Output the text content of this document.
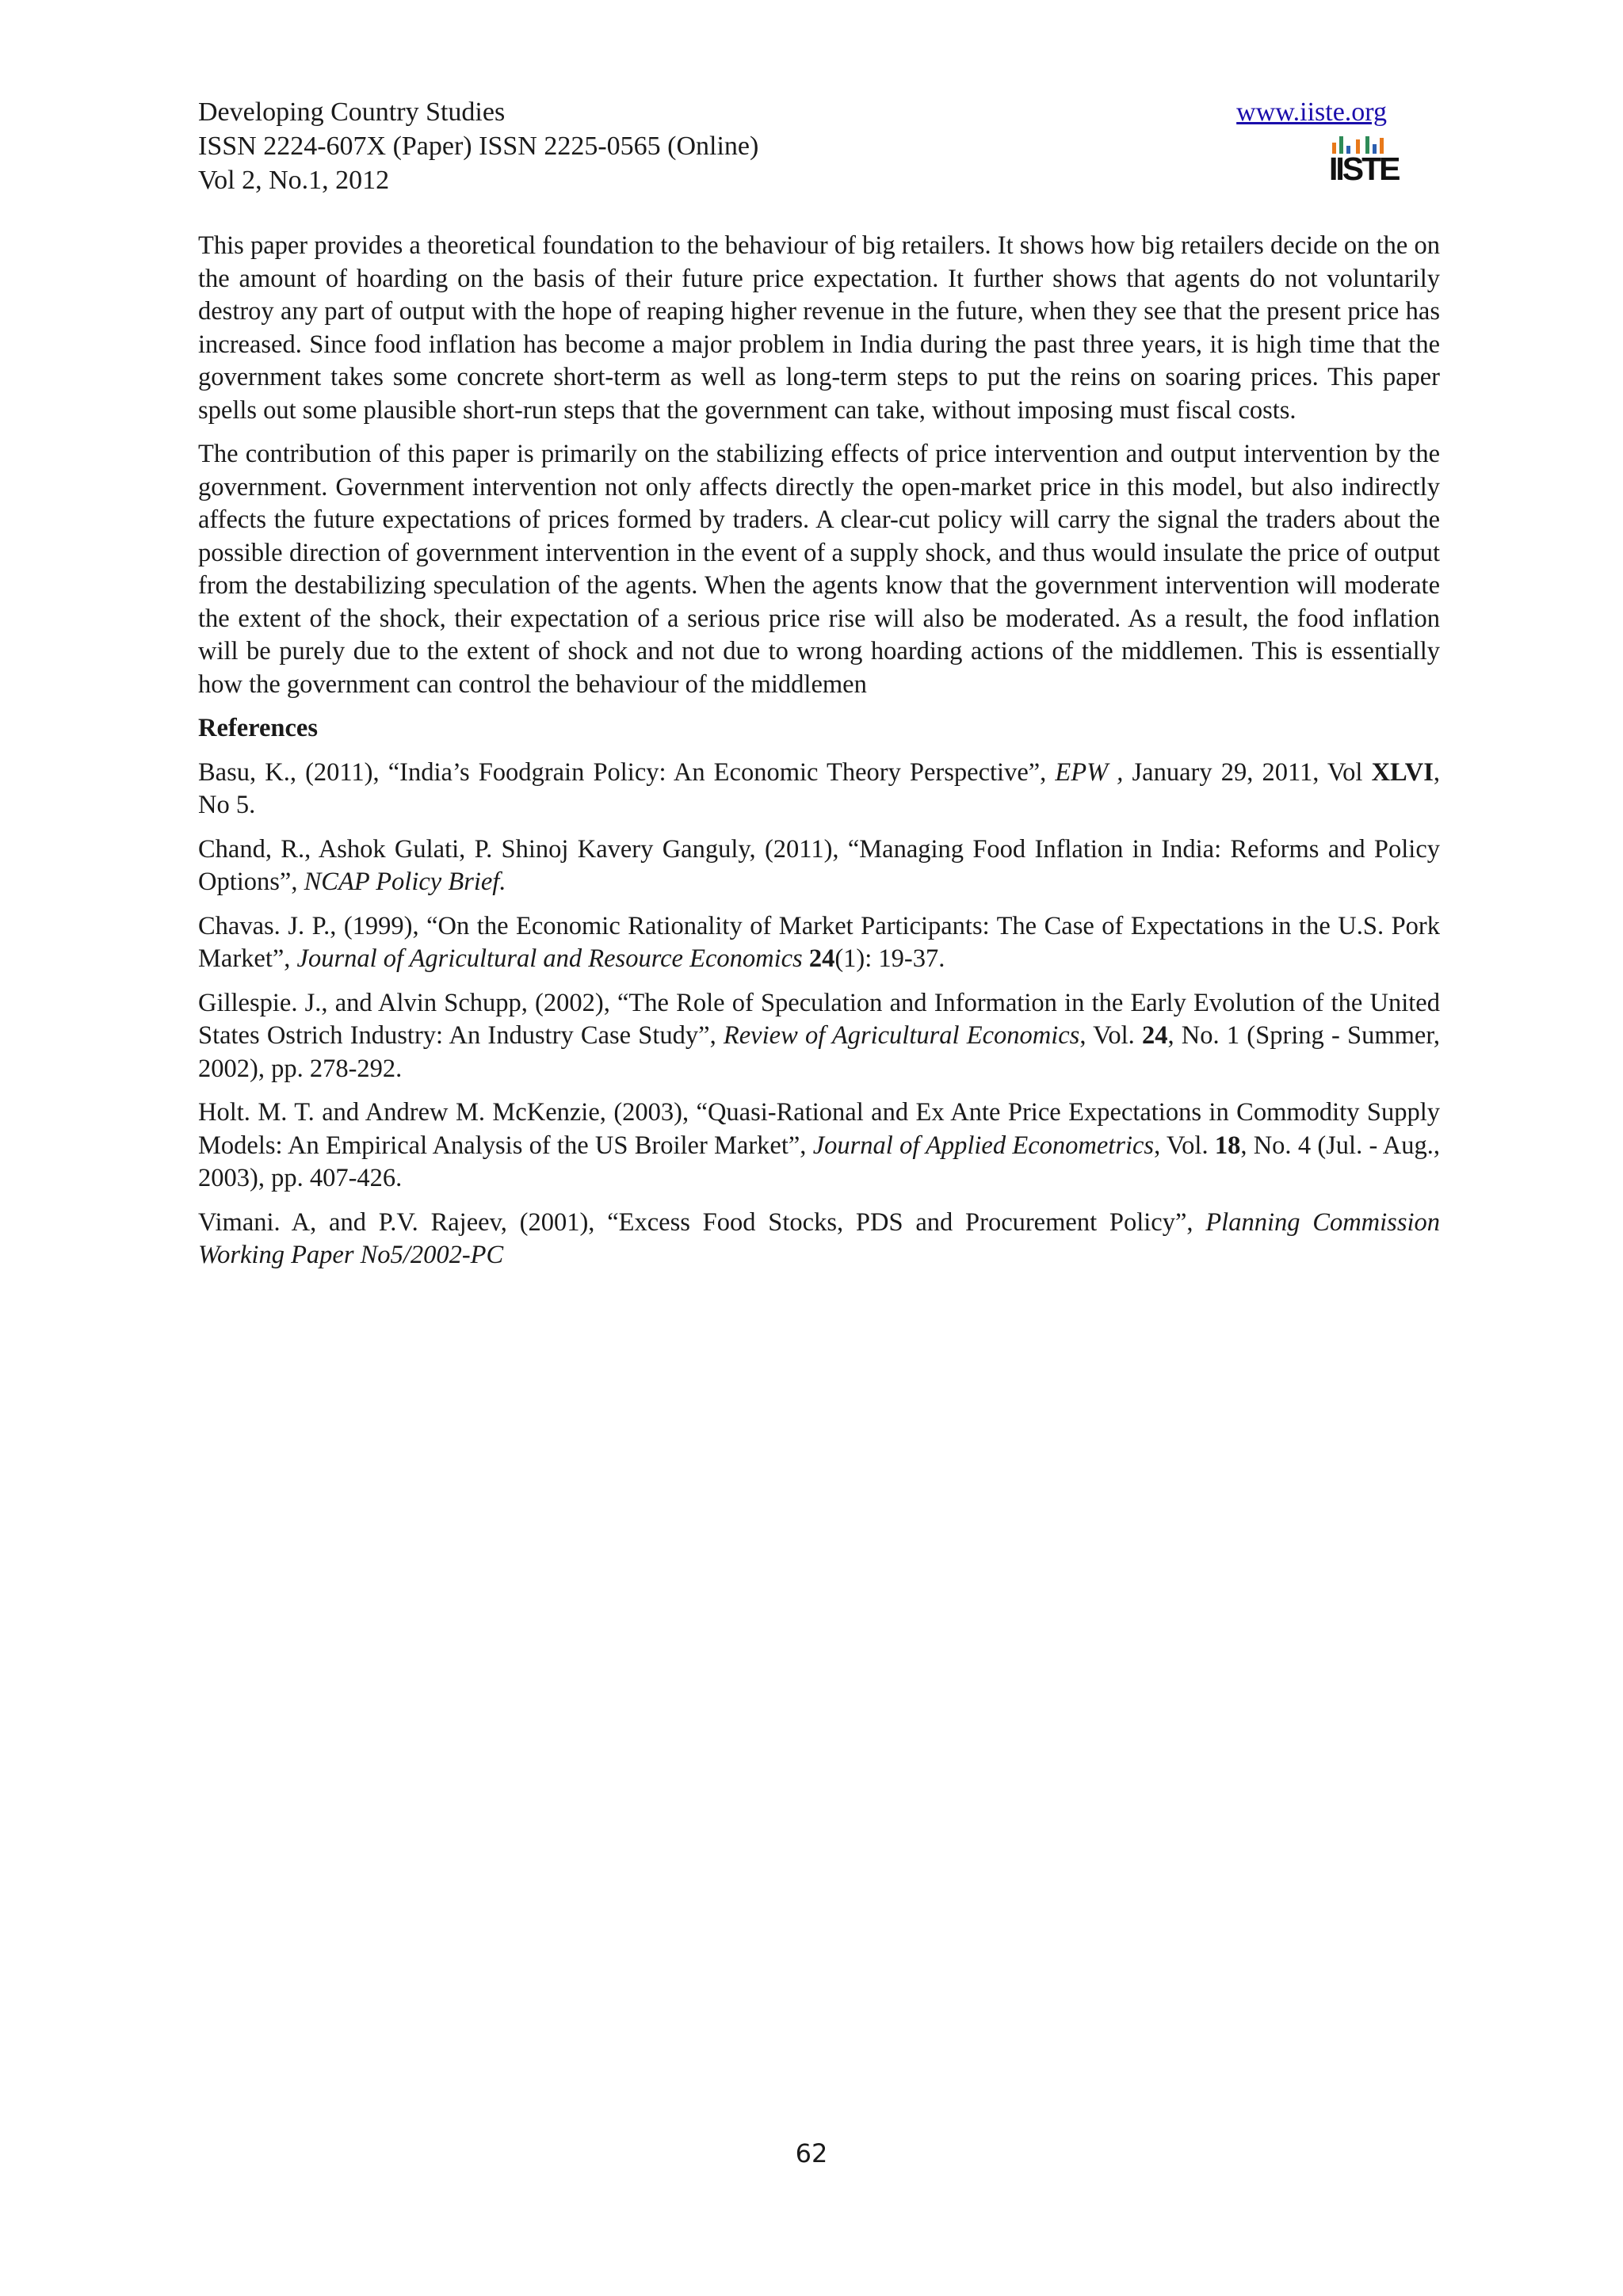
Developing Country Studies
ISSN 2224-607X (Paper) ISSN 2225-0565 (Online)
Vol 2, No.1, 2012
www.iiste.org
IISTE

This paper provides a theoretical foundation to the behaviour of big retailers. It shows how big retailers decide on the on the amount of hoarding on the basis of their future price expectation. It further shows that agents do not voluntarily destroy any part of output with the hope of reaping higher revenue in the future, when they see that the present price has increased. Since food inflation has become a major problem in India during the past three years, it is high time that the government takes some concrete short-term as well as long-term steps to put the reins on soaring prices. This paper spells out some plausible short-run steps that the government can take, without imposing must fiscal costs.

The contribution of this paper is primarily on the stabilizing effects of price intervention and output intervention by the government. Government intervention not only affects directly the open-market price in this model, but also indirectly affects the future expectations of prices formed by traders. A clear-cut policy will carry the signal the traders about the possible direction of government intervention in the event of a supply shock, and thus would insulate the price of output from the destabilizing speculation of the agents. When the agents know that the government intervention will moderate the extent of the shock, their expectation of a serious price rise will also be moderated. As a result, the food inflation will be purely due to the extent of shock and not due to wrong hoarding actions of the middlemen. This is essentially how the government can control the behaviour of the middlemen

References

Basu, K., (2011), “India’s Foodgrain Policy: An Economic Theory Perspective”, EPW , January 29, 2011, Vol XLVI, No 5.

Chand, R., Ashok Gulati, P. Shinoj Kavery Ganguly, (2011), “Managing Food Inflation in India: Reforms and Policy Options”, NCAP Policy Brief.

Chavas. J. P., (1999), “On the Economic Rationality of Market Participants: The Case of Expectations in the U.S. Pork Market”, Journal of Agricultural and Resource Economics 24(1): 19-37.

Gillespie. J., and Alvin Schupp, (2002), “The Role of Speculation and Information in the Early Evolution of the United States Ostrich Industry: An Industry Case Study”, Review of Agricultural Economics, Vol. 24, No. 1 (Spring - Summer, 2002), pp. 278-292.

Holt. M. T. and Andrew M. McKenzie, (2003), “Quasi-Rational and Ex Ante Price Expectations in Commodity Supply Models: An Empirical Analysis of the US Broiler Market”, Journal of Applied Econometrics, Vol. 18, No. 4 (Jul. - Aug., 2003), pp. 407-426.

Vimani. A, and P.V. Rajeev, (2001), “Excess Food Stocks, PDS and Procurement Policy”, Planning Commission Working Paper No5/2002-PC

62
